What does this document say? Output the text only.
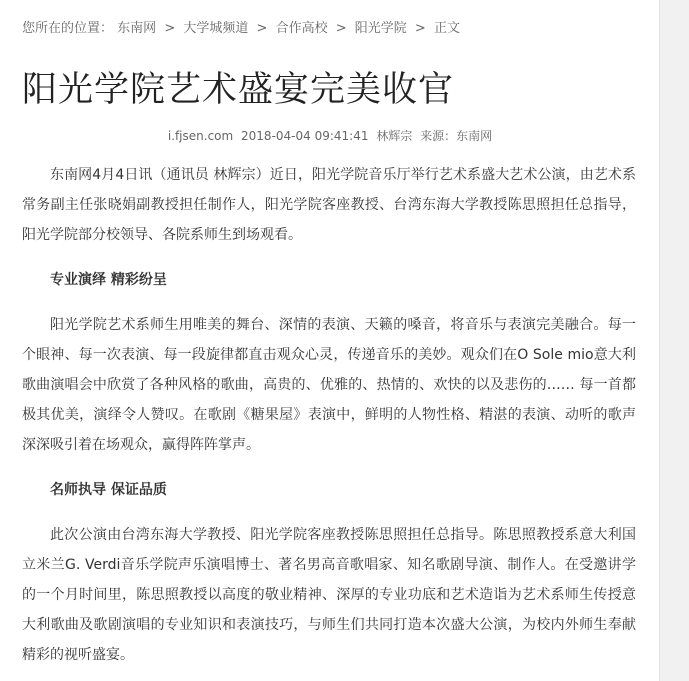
您所在的位置： 东南网 > 大学城频道 > 合作高校 > 阳光学院 > 正文
阳光学院艺术盛宴完美收官
i.fjsen.com 2018-04-04 09:41:41 林辉宗 来源：东南网

东南网4月4日讯（通讯员 林辉宗）近日，阳光学院音乐厅举行艺术系盛大艺术公演，由艺术系常务副主任张晓娟副教授担任制作人，阳光学院客座教授、台湾东海大学教授陈思照担任总指导，阳光学院部分校领导、各院系师生到场观看。

专业演绎 精彩纷呈

阳光学院艺术系师生用唯美的舞台、深情的表演、天籁的嗓音，将音乐与表演完美融合。每一个眼神、每一次表演、每一段旋律都直击观众心灵，传递音乐的美妙。观众们在O Sole mio意大利歌曲演唱会中欣赏了各种风格的歌曲，高贵的、优雅的、热情的、欢快的以及悲伤的…… 每一首都极其优美，演绎令人赞叹。在歌剧《糖果屋》表演中，鲜明的人物性格、精湛的表演、动听的歌声深深吸引着在场观众，赢得阵阵掌声。

名师执导 保证品质

此次公演由台湾东海大学教授、阳光学院客座教授陈思照担任总指导。陈思照教授系意大利国立米兰G. Verdi音乐学院声乐演唱博士、著名男高音歌唱家、知名歌剧导演、制作人。在受邀讲学的一个月时间里，陈思照教授以高度的敬业精神、深厚的专业功底和艺术造诣为艺术系师生传授意大利歌曲及歌剧演唱的专业知识和表演技巧，与师生们共同打造本次盛大公演，为校内外师生奉献精彩的视听盛宴。
